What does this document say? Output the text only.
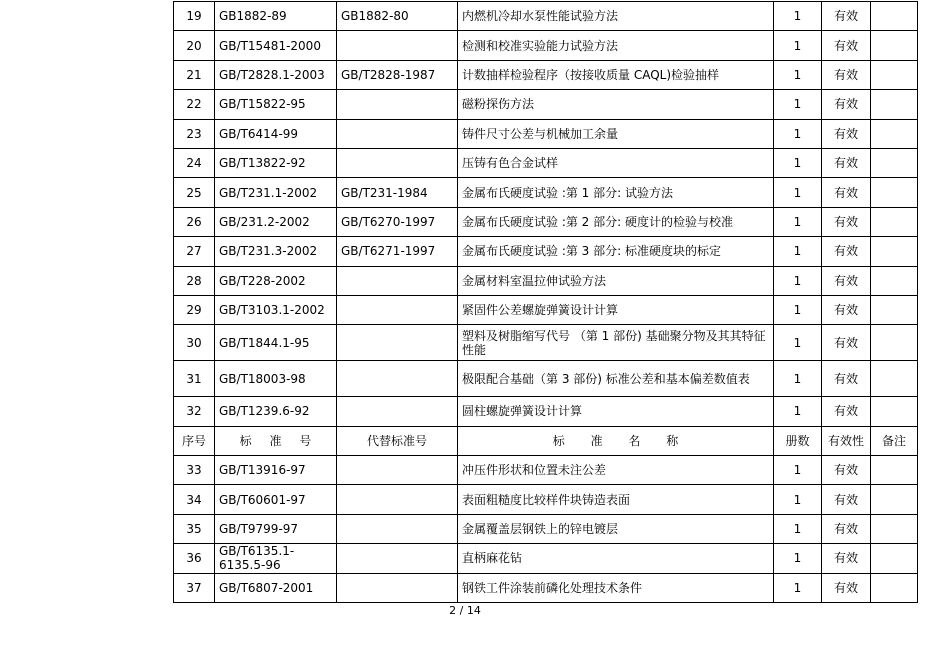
19	GB1882-89	GB1882-80	内燃机冷却水泵性能试验方法	1	有效	
20	GB/T15481-2000		检测和校准实验能力试验方法	1	有效	
21	GB/T2828.1-2003	GB/T2828-1987	计数抽样检验程序（按接收质量 CAQL)检验抽样	1	有效	
22	GB/T15822-95		磁粉探伤方法	1	有效	
23	GB/T6414-99		铸件尺寸公差与机械加工余量	1	有效	
24	GB/T13822-92		压铸有色合金试样	1	有效	
25	GB/T231.1-2002	GB/T231-1984	金属布氏硬度试验 :第 1 部分: 试验方法	1	有效	
26	GB/231.2-2002	GB/T6270-1997	金属布氏硬度试验 :第 2 部分: 硬度计的检验与校准	1	有效	
27	GB/T231.3-2002	GB/T6271-1997	金属布氏硬度试验 :第 3 部分: 标准硬度块的标定	1	有效	
28	GB/T228-2002		金属材料室温拉伸试验方法	1	有效	
29	GB/T3103.1-2002		紧固件公差螺旋弹簧设计计算	1	有效	
30	GB/T1844.1-95		塑料及树脂缩写代号 （第 1 部份) 基础聚分物及其其特征性能	1	有效	
31	GB/T18003-98		极限配合基础（第 3 部份) 标准公差和基本偏差数值表	1	有效	
32	GB/T1239.6-92		圆柱螺旋弹簧设计计算	1	有效	
序号	标 准 号	代替标准号	标 准 名 称	册数	有效性	备注
33	GB/T13916-97		冲压件形状和位置未注公差	1	有效	
34	GB/T60601-97		表面粗糙度比较样件块铸造表面	1	有效	
35	GB/T9799-97		金属覆盖层钢铁上的锌电镀层	1	有效	
36	GB/T6135.1-6135.5-96		直柄麻花钻	1	有效	
37	GB/T6807-2001		钢铁工件涂装前磷化处理技术条件	1	有效	
2 / 14
